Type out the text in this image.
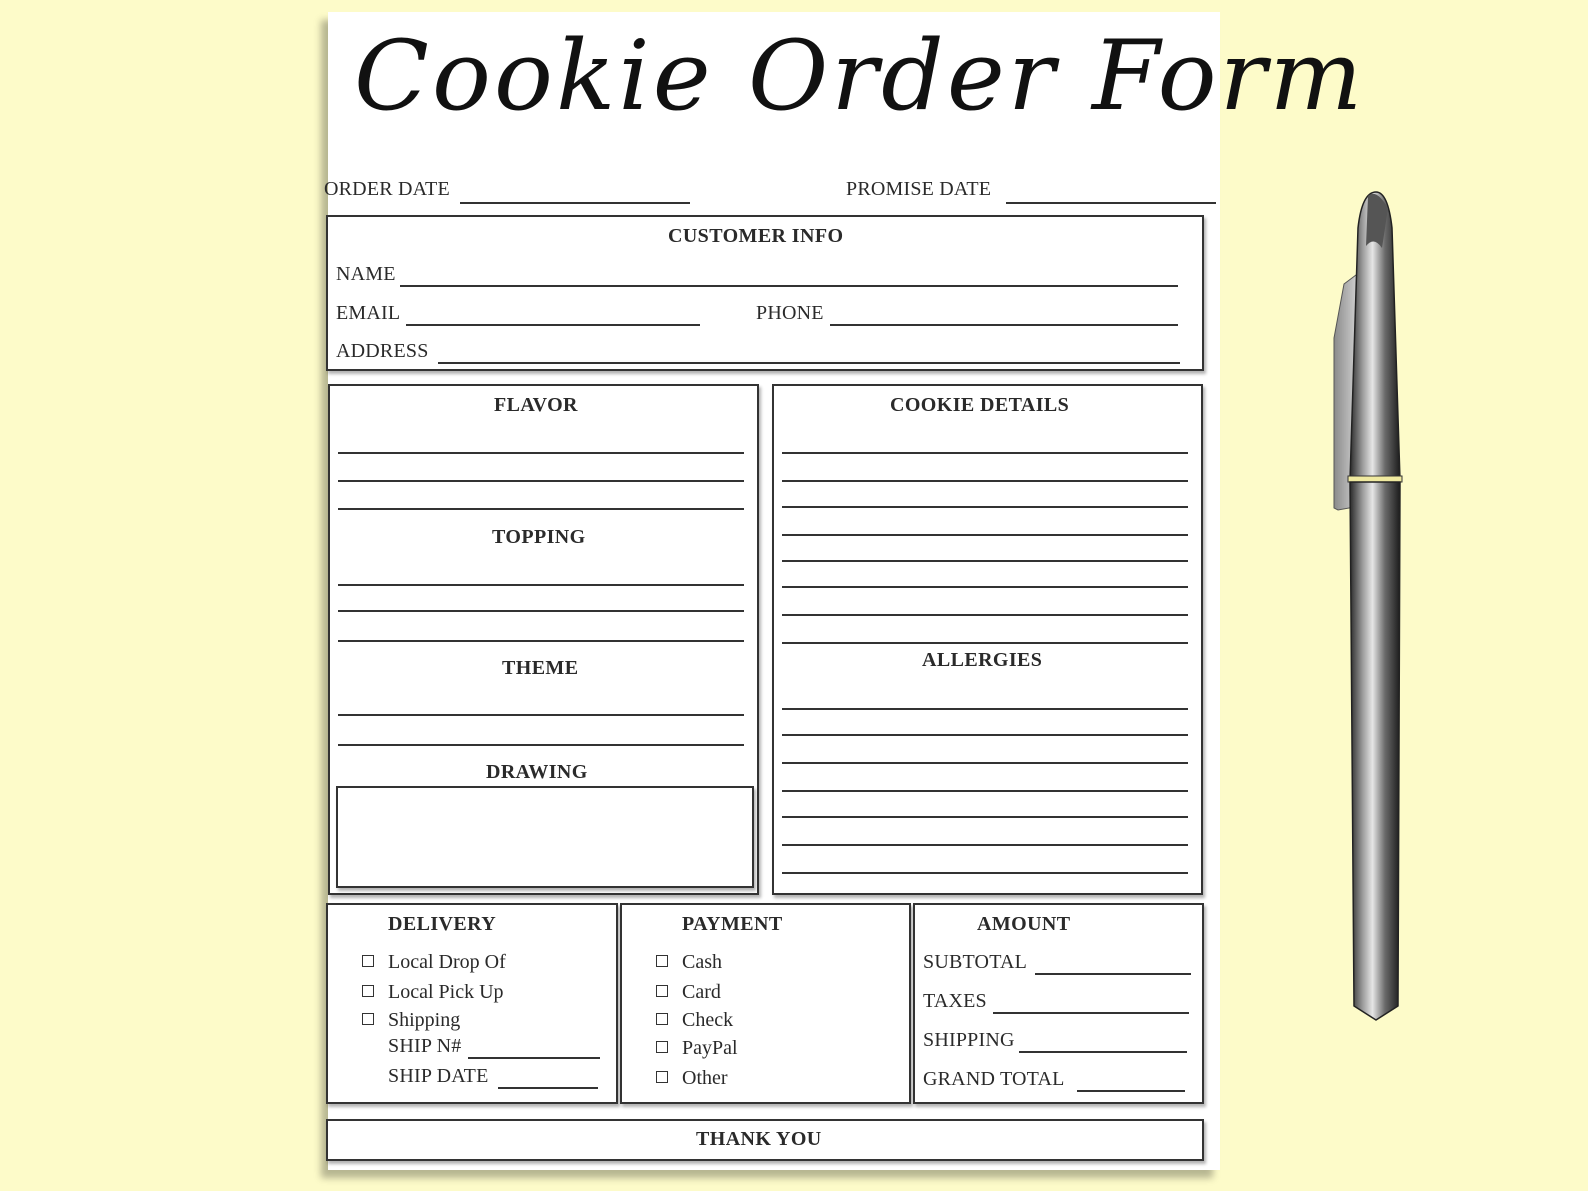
Cookie Order Form
ORDER DATE	PROMISE DATE
CUSTOMER INFO
NAME
EMAIL	PHONE
ADDRESS
FLAVOR
TOPPING
THEME
DRAWING
COOKIE DETAILS
ALLERGIES
DELIVERY
Local Drop Of
Local Pick Up
Shipping
SHIP N#
SHIP DATE
PAYMENT
Cash
Card
Check
PayPal
Other
AMOUNT
SUBTOTAL
TAXES
SHIPPING
GRAND TOTAL
THANK YOU
